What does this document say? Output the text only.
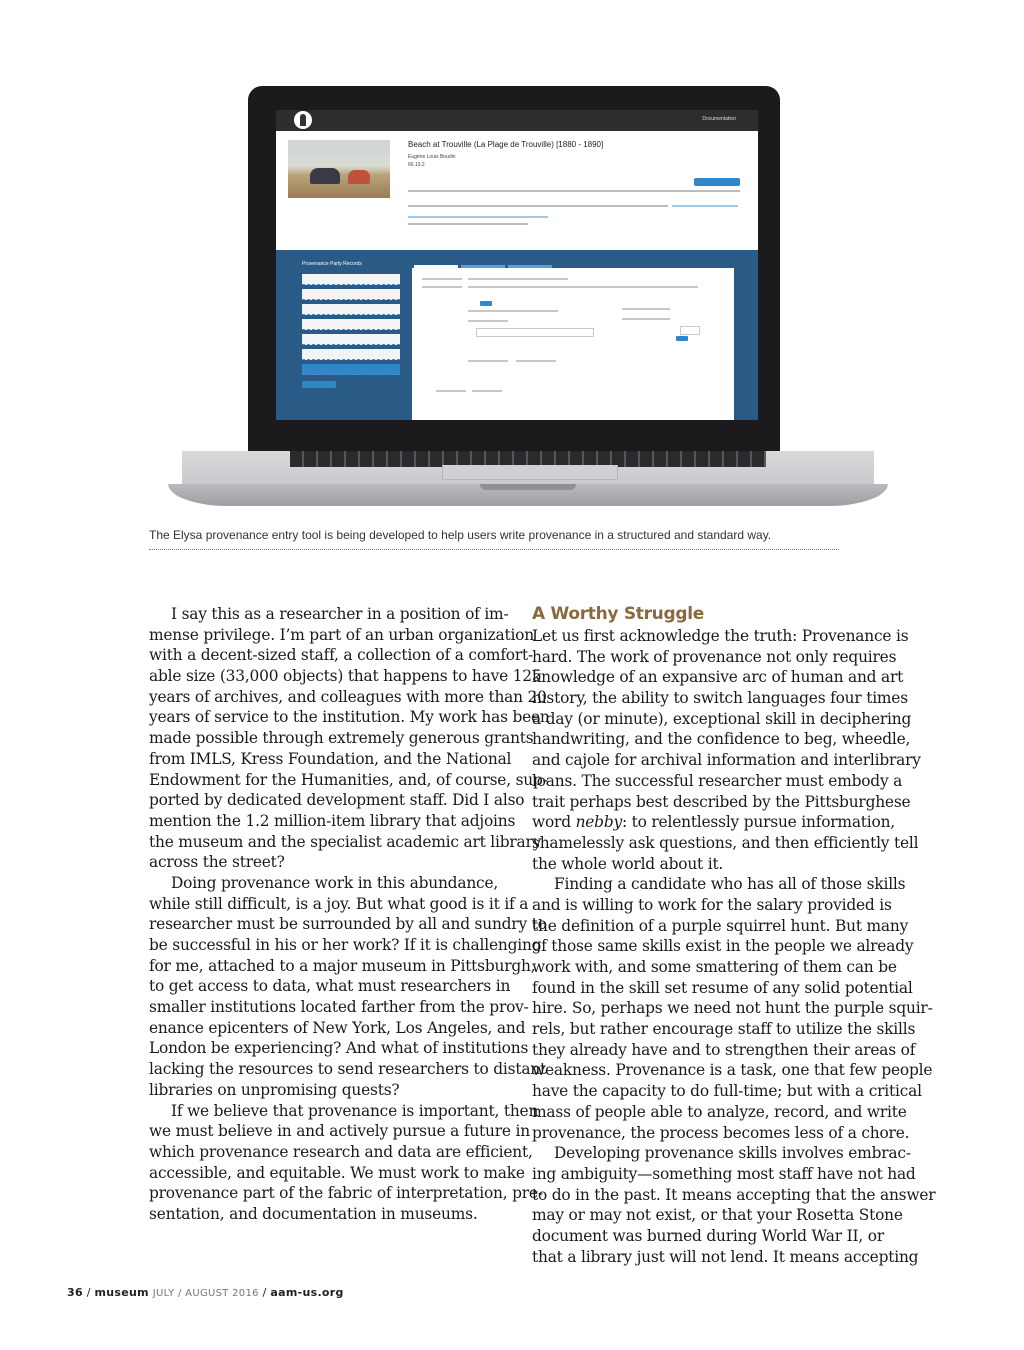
Documentation
Beach at Trouville (La Plage de Trouville) [1880 - 1890]
Eugène Louis Boudin
66.19.2
Provenance Party Records
The Elysa provenance entry tool is being developed to help users write provenance in a structured and standard way.
I say this as a researcher in a position of im-
mense privilege. I’m part of an urban organization
with a decent-sized staff, a collection of a comfort-
able size (33,000 objects) that happens to have 125
years of archives, and colleagues with more than 20
years of service to the institution. My work has been
made possible through extremely generous grants
from IMLS, Kress Foundation, and the National
Endowment for the Humanities, and, of course, sup-
ported by dedicated development staff. Did I also
mention the 1.2 million-item library that adjoins
the museum and the specialist academic art library
across the street?
Doing provenance work in this abundance,
while still difficult, is a joy. But what good is it if a
researcher must be surrounded by all and sundry to
be successful in his or her work? If it is challenging
for me, attached to a major museum in Pittsburgh,
to get access to data, what must researchers in
smaller institutions located farther from the prov-
enance epicenters of New York, Los Angeles, and
London be experiencing? And what of institutions
lacking the resources to send researchers to distant
libraries on unpromising quests?
If we believe that provenance is important, then
we must believe in and actively pursue a future in
which provenance research and data are efficient,
accessible, and equitable. We must work to make
provenance part of the fabric of interpretation, pre-
sentation, and documentation in museums.
A Worthy Struggle
Let us first acknowledge the truth: Provenance is
hard. The work of provenance not only requires
knowledge of an expansive arc of human and art
history, the ability to switch languages four times
a day (or minute), exceptional skill in deciphering
handwriting, and the confidence to beg, wheedle,
and cajole for archival information and interlibrary
loans. The successful researcher must embody a
trait perhaps best described by the Pittsburghese
word nebby: to relentlessly pursue information,
shamelessly ask questions, and then efficiently tell
the whole world about it.
Finding a candidate who has all of those skills
and is willing to work for the salary provided is
the definition of a purple squirrel hunt. But many
of those same skills exist in the people we already
work with, and some smattering of them can be
found in the skill set resume of any solid potential
hire. So, perhaps we need not hunt the purple squir-
rels, but rather encourage staff to utilize the skills
they already have and to strengthen their areas of
weakness. Provenance is a task, one that few people
have the capacity to do full-time; but with a critical
mass of people able to analyze, record, and write
provenance, the process becomes less of a chore.
Developing provenance skills involves embrac-
ing ambiguity—something most staff have not had
to do in the past. It means accepting that the answer
may or may not exist, or that your Rosetta Stone
document was burned during World War II, or
that a library just will not lend. It means accepting
36 / museum JULY / AUGUST 2016 / aam-us.org
